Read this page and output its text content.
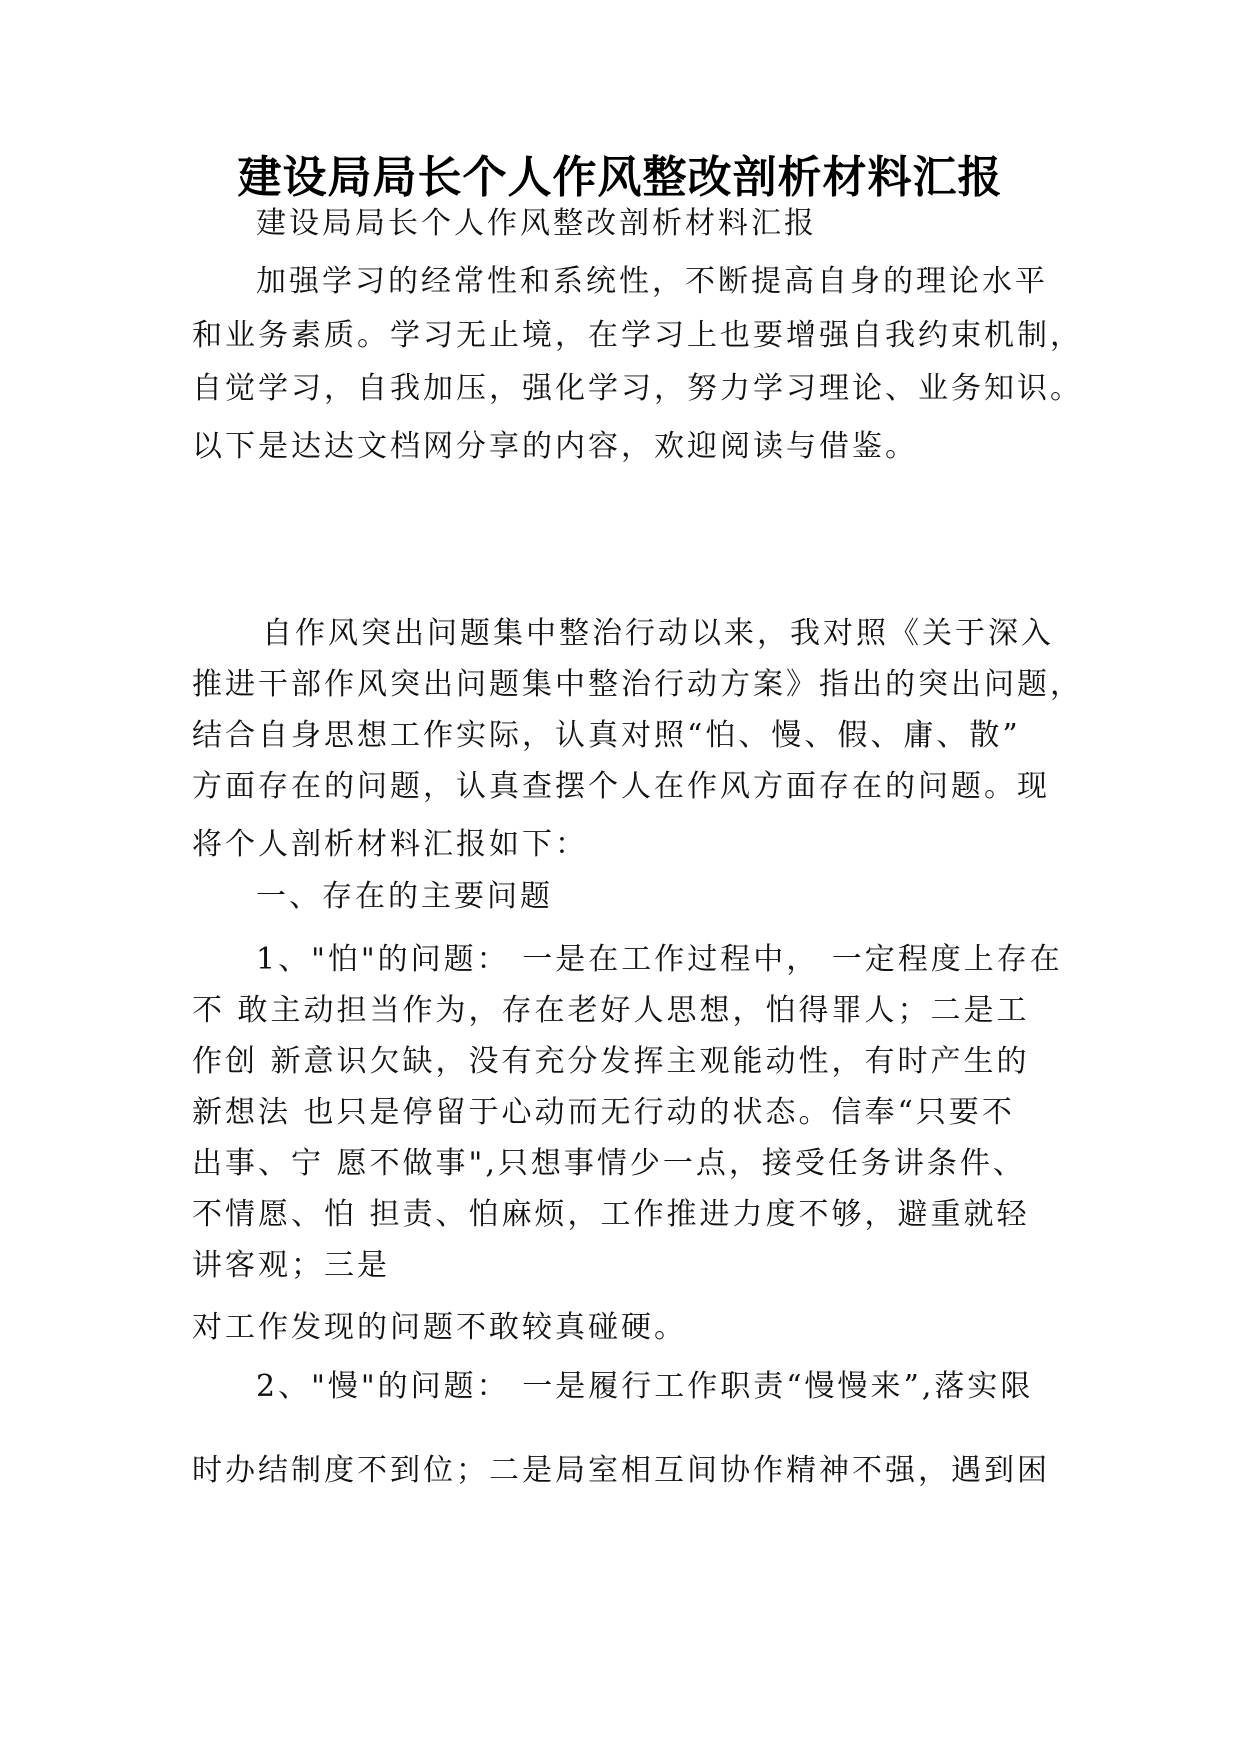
建设局局长个人作风整改剖析材料汇报
建设局局长个人作风整改剖析材料汇报
加强学习的经常性和系统性，不断提高自身的理论水平
和业务素质。学习无止境，在学习上也要增强自我约束机制，
自觉学习，自我加压，强化学习，努力学习理论、业务知识。
以下是达达文档网分享的内容，欢迎阅读与借鉴。
自作风突出问题集中整治行动以来，我对照《关于深入
推进干部作风突出问题集中整治行动方案》指出的突出问题，
结合自身思想工作实际，认真对照“怕、慢、假、庸、散”
方面存在的问题，认真查摆个人在作风方面存在的问题。现
将个人剖析材料汇报如下：
一、存在的主要问题
1、"怕"的问题： 一是在工作过程中， 一定程度上存在
不 敢主动担当作为，存在老好人思想，怕得罪人；二是工
作创 新意识欠缺，没有充分发挥主观能动性，有时产生的
新想法 也只是停留于心动而无行动的状态。信奉“只要不
出事、宁 愿不做事",只想事情少一点，接受任务讲条件、
不情愿、怕 担责、怕麻烦，工作推进力度不够，避重就轻
讲客观；三是
对工作发现的问题不敢较真碰硬。
2、"慢"的问题： 一是履行工作职责“慢慢来”,落实限
时办结制度不到位；二是局室相互间协作精神不强，遇到困
